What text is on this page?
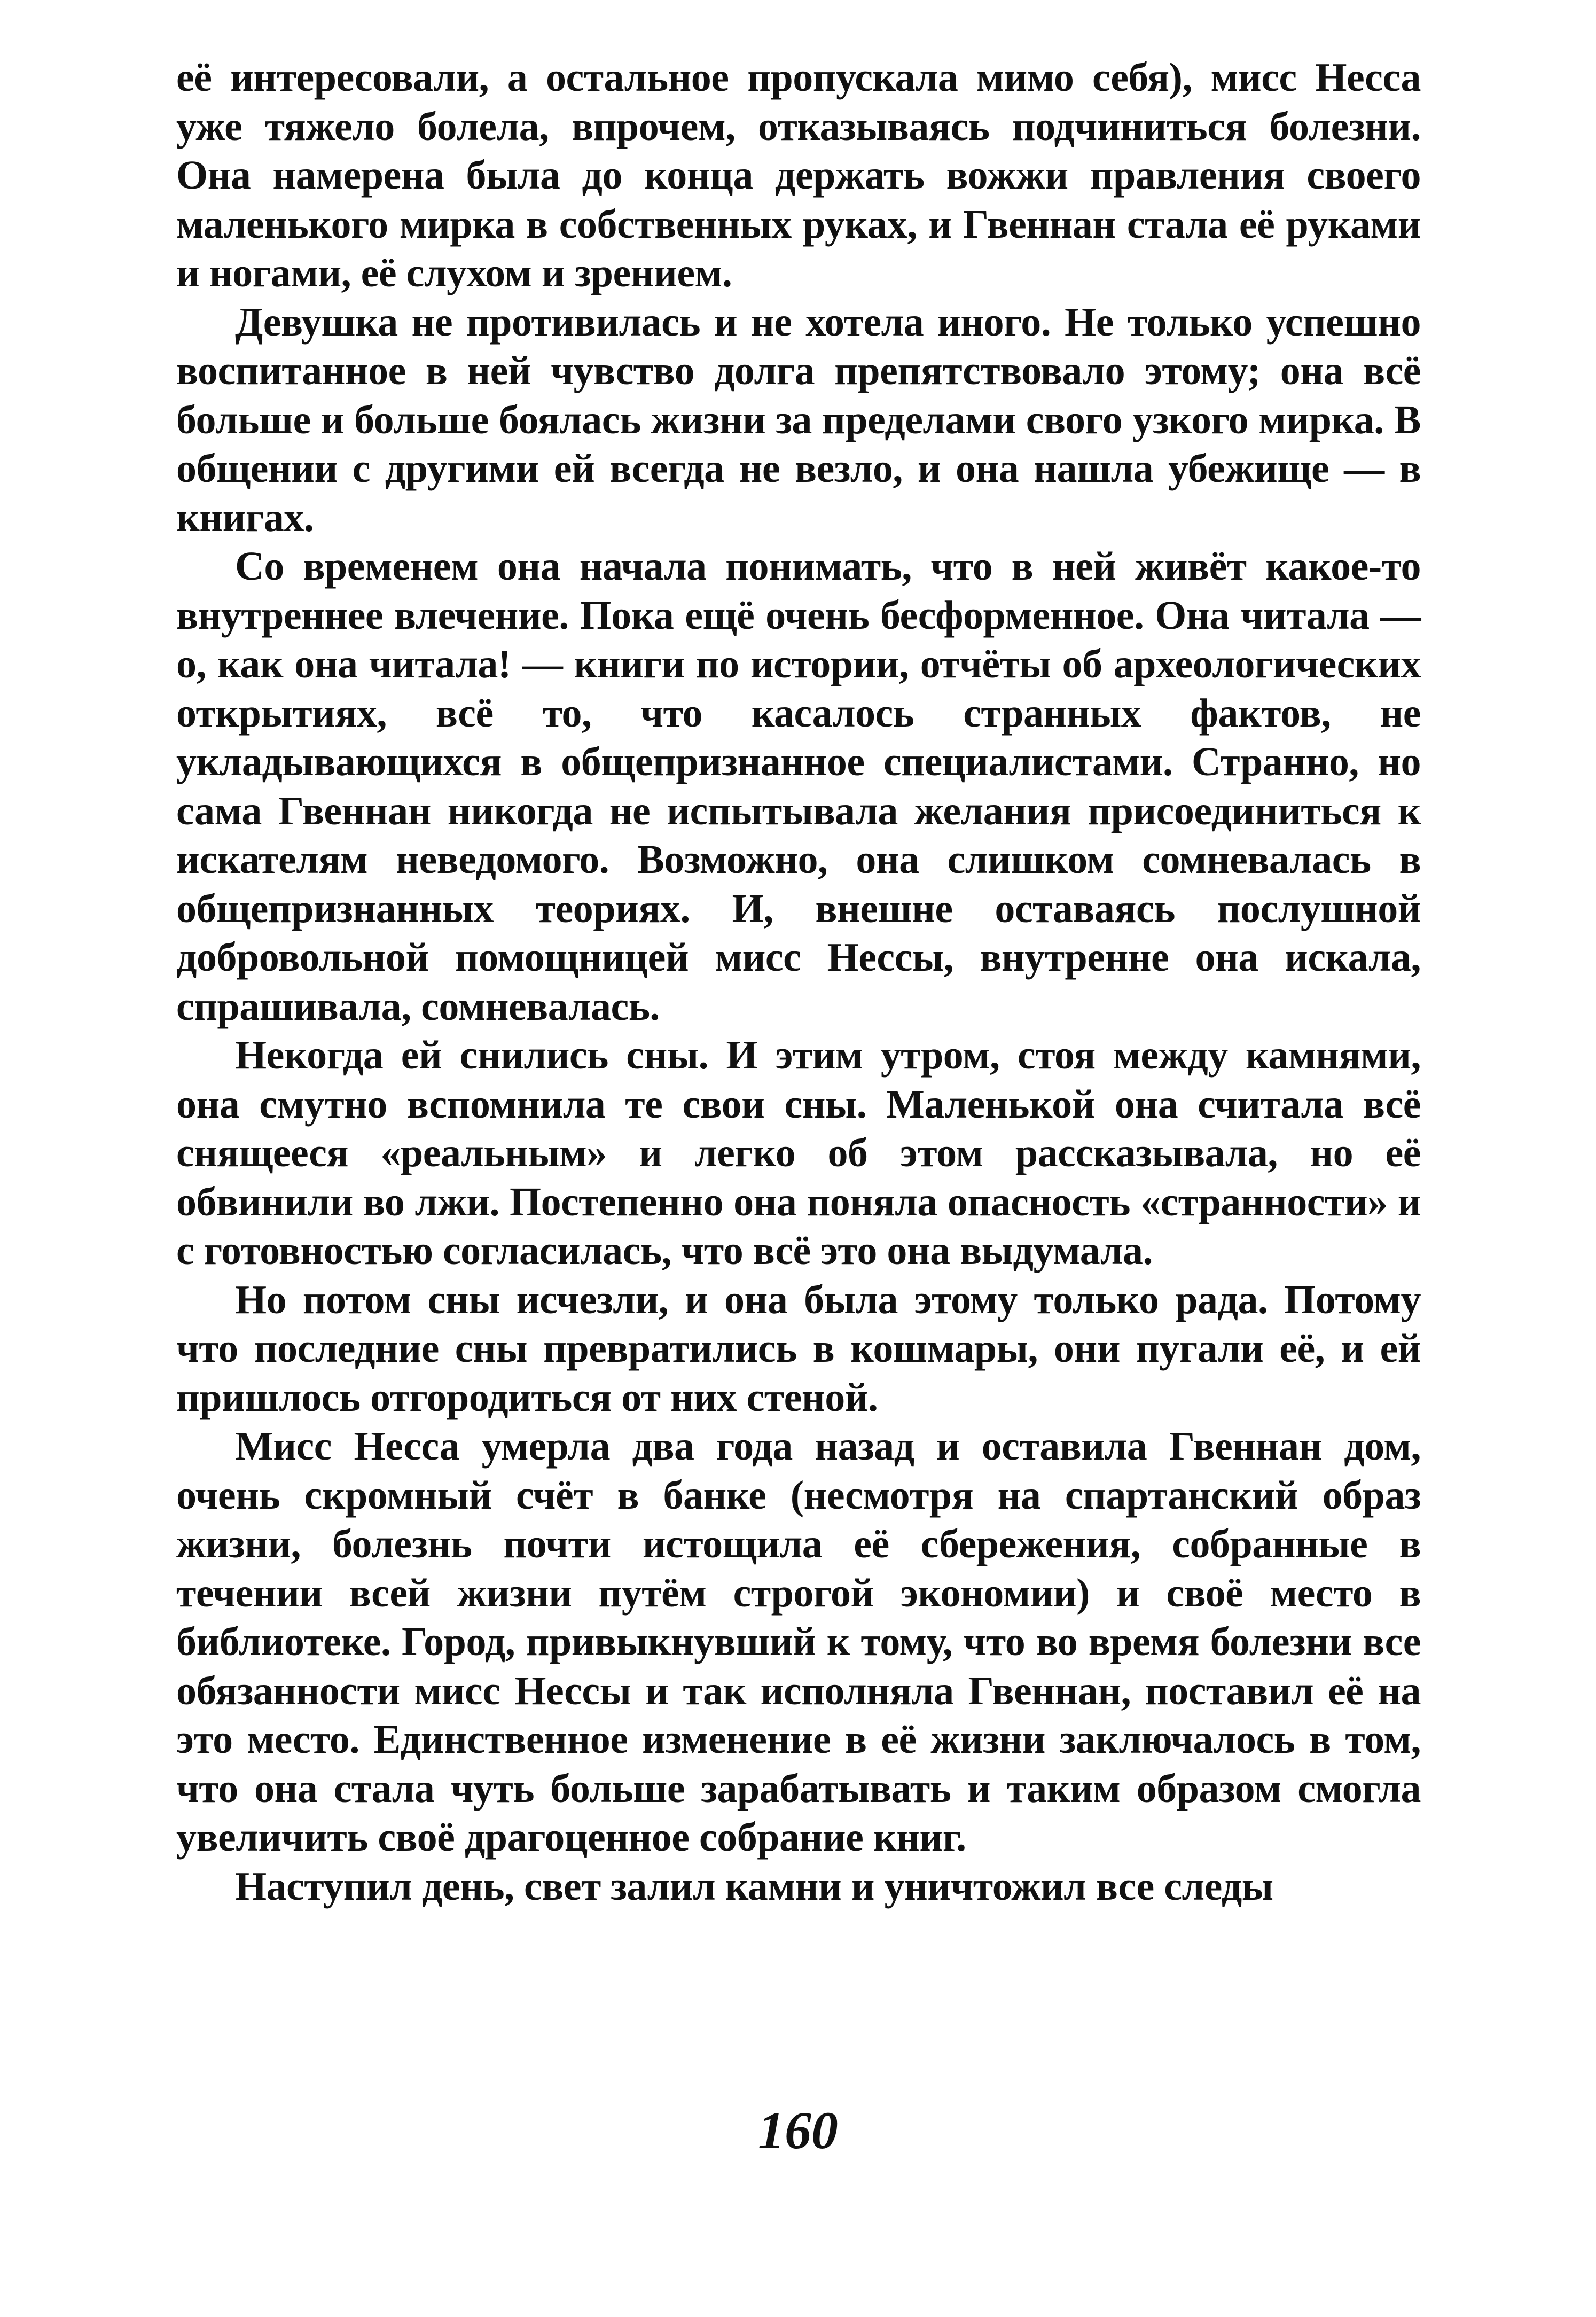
её интересовали, а остальное пропускала мимо себя), мисс Несса уже тяжело болела, впрочем, отказываясь подчиниться болезни. Она намерена была до конца держать вожжи правления своего маленького мирка в собственных руках, и Гвеннан стала её руками и ногами, её слухом и зрением.

Девушка не противилась и не хотела иного. Не только успешно воспитанное в ней чувство долга препятствовало этому; она всё больше и больше боялась жизни за пределами свого узкого мирка. В общении с другими ей всегда не везло, и она нашла убежище — в книгах.

Со временем она начала понимать, что в ней живёт какое-то внутреннее влечение. Пока ещё очень бесформенное. Она читала — о, как она читала! — книги по истории, отчёты об археологических открытиях, всё то, что касалось странных фактов, не укладывающихся в общепризнанное специалистами. Странно, но сама Гвеннан никогда не испытывала желания присоединиться к искателям неведомого. Возможно, она слишком сомневалась в общепризнанных теориях. И, внешне оставаясь послушной добровольной помощницей мисс Нессы, внутренне она искала, спрашивала, сомневалась.

Некогда ей снились сны. И этим утром, стоя между камнями, она смутно вспомнила те свои сны. Маленькой она считала всё снящееся «реальным» и легко об этом рассказывала, но её обвинили во лжи. Постепенно она поняла опасность «странности» и с готовностью согласилась, что всё это она выдумала.

Но потом сны исчезли, и она была этому только рада. Потому что последние сны превратились в кошмары, они пугали её, и ей пришлось отгородиться от них стеной.

Мисс Несса умерла два года назад и оставила Гвеннан дом, очень скромный счёт в банке (несмотря на спартанский образ жизни, болезнь почти истощила её сбережения, собранные в течении всей жизни путём строгой экономии) и своё место в библиотеке. Город, привыкнувший к тому, что во время болезни все обязанности мисс Нессы и так исполняла Гвеннан, поставил её на это место. Единственное изменение в её жизни заключалось в том, что она стала чуть больше зарабатывать и таким образом смогла увеличить своё драгоценное собрание книг.

Наступил день, свет залил камни и уничтожил все следы

160
